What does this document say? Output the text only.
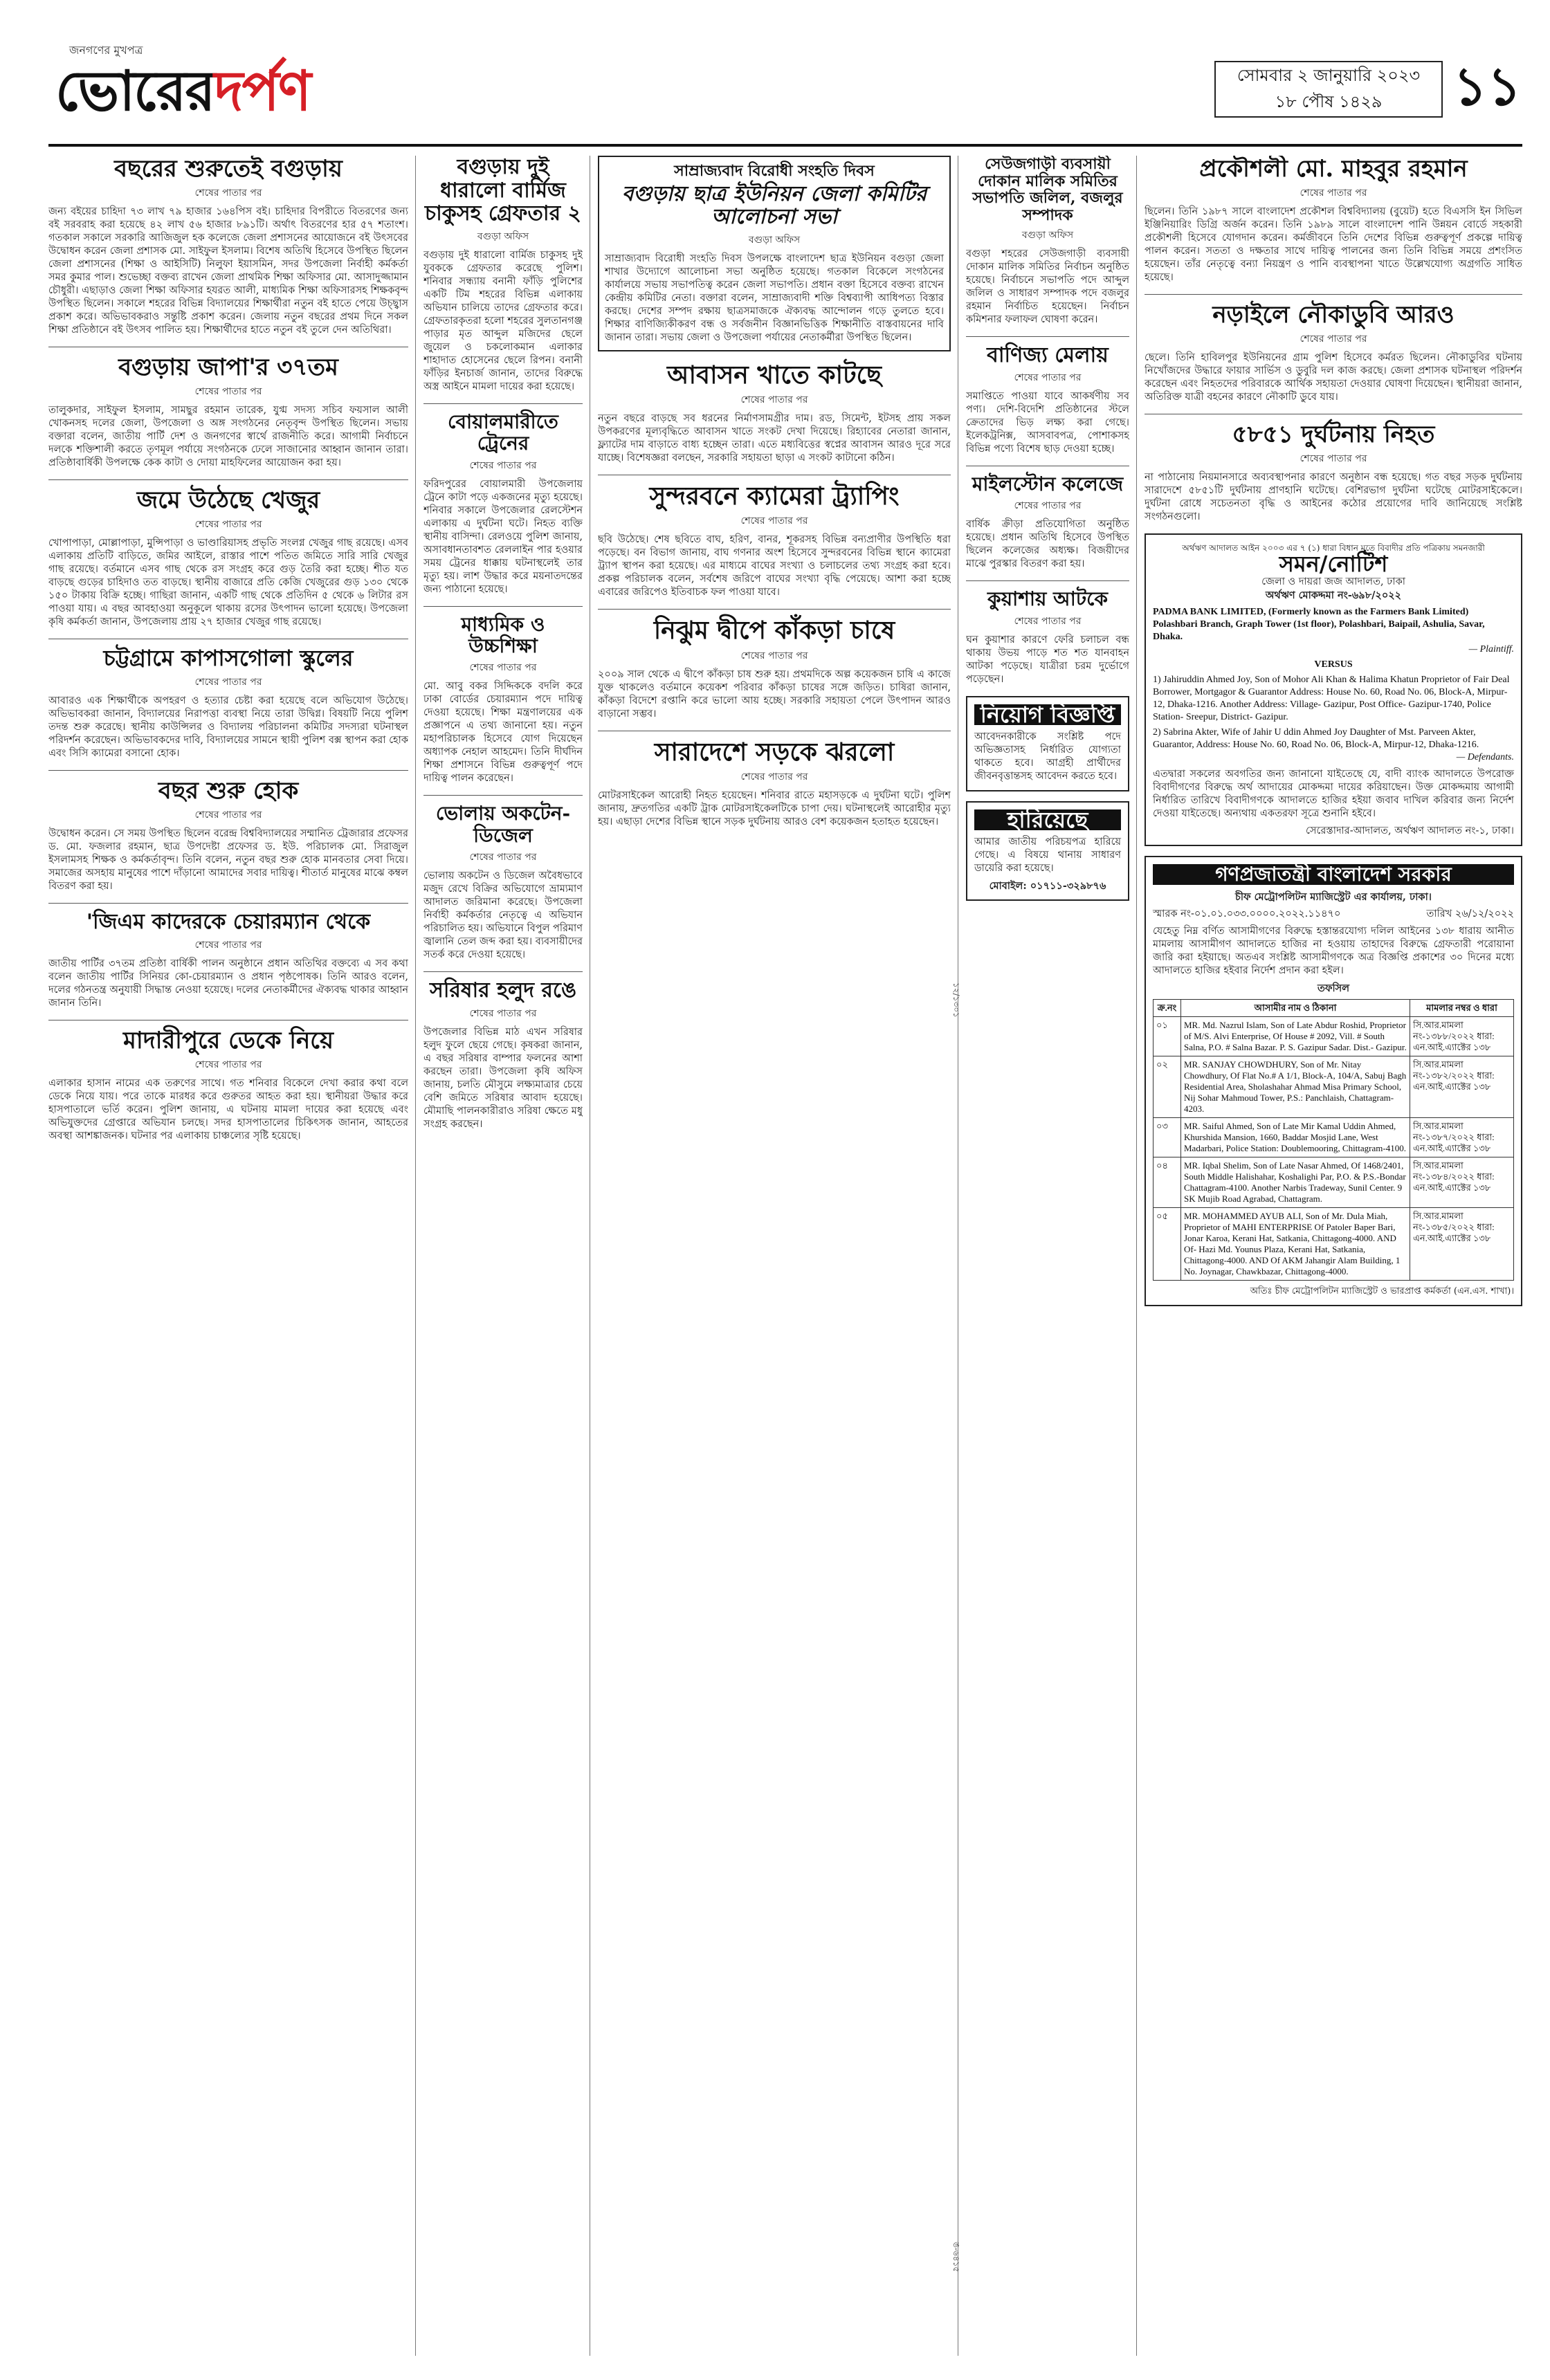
জনগণের মুখপত্র
ভোরেরদর্পণ	সোমবার ২ জানুয়ারি ২০২৩
১৮ পৌষ ১৪২৯	১১
বছরের শুরুতেই বগুড়ায়
শেষের পাতার পর
জন্য বইয়ের চাহিদা ৭৩ লাখ ৭৯ হাজার ১৬৪পিস বই। চাহিদার বিপরীতে বিতরণের জন্য বই সরবরাহ করা হয়েছে ৪২ লাখ ৫৬ হাজার ৮৯১টি। অর্থাৎ বিতরণের হার ৫৭ শতাংশ। গতকাল সকালে সরকারি আজিজুল হক কলেজে জেলা প্রশাসনের আয়োজনে বই উৎসবের উদ্বোধন করেন জেলা প্রশাসক মো. সাইফুল ইসলাম। বিশেষ অতিথি হিসেবে উপস্থিত ছিলেন জেলা প্রশাসনের (শিক্ষা ও আইসিটি) নিলুফা ইয়াসমিন, সদর উপজেলা নির্বাহী কর্মকর্তা সমর কুমার পাল। শুভেচ্ছা বক্তব্য রাখেন জেলা প্রাথমিক শিক্ষা অফিসার মো. আসাদুজ্জামান চৌধুরী। এছাড়াও জেলা শিক্ষা অফিসার হযরত আলী, মাধ্যমিক শিক্ষা অফিসারসহ শিক্ষকবৃন্দ উপস্থিত ছিলেন। সকালে শহরের বিভিন্ন বিদ্যালয়ের শিক্ষার্থীরা নতুন বই হাতে পেয়ে উচ্ছ্বাস প্রকাশ করে। অভিভাবকরাও সন্তুষ্টি প্রকাশ করেন। জেলায় নতুন বছরের প্রথম দিনে সকল শিক্ষা প্রতিষ্ঠানে বই উৎসব পালিত হয়। শিক্ষার্থীদের হাতে নতুন বই তুলে দেন অতিথিরা।
বগুড়ায় জাপা'র ৩৭তম
শেষের পাতার পর
তালুকদার, সাইফুল ইসলাম, সামছুর রহমান তারেক, যুগ্ম সদস্য সচিব ফয়সাল আলী খোকনসহ দলের জেলা, উপজেলা ও অঙ্গ সংগঠনের নেতৃবৃন্দ উপস্থিত ছিলেন। সভায় বক্তারা বলেন, জাতীয় পার্টি দেশ ও জনগণের স্বার্থে রাজনীতি করে। আগামী নির্বাচনে দলকে শক্তিশালী করতে তৃণমূল পর্যায়ে সংগঠনকে ঢেলে সাজানোর আহ্বান জানান তারা। প্রতিষ্ঠাবার্ষিকী উপলক্ষে কেক কাটা ও দোয়া মাহফিলের আয়োজন করা হয়।
জমে উঠেছে খেজুর
শেষের পাতার পর
খোপাপাড়া, মোল্লাপাড়া, মুন্সিপাড়া ও ভাণ্ডারিয়াসহ প্রভৃতি সংলগ্ন খেজুর গাছ রয়েছে। এসব এলাকায় প্রতিটি বাড়িতে, জমির আইলে, রাস্তার পাশে পতিত জমিতে সারি সারি খেজুর গাছ রয়েছে। বর্তমানে এসব গাছ থেকে রস সংগ্রহ করে গুড় তৈরি করা হচ্ছে। শীত যত বাড়ছে গুড়ের চাহিদাও তত বাড়ছে। স্থানীয় বাজারে প্রতি কেজি খেজুরের গুড় ১৩০ থেকে ১৫০ টাকায় বিক্রি হচ্ছে। গাছিরা জানান, একটি গাছ থেকে প্রতিদিন ৫ থেকে ৬ লিটার রস পাওয়া যায়। এ বছর আবহাওয়া অনুকূলে থাকায় রসের উৎপাদন ভালো হয়েছে। উপজেলা কৃষি কর্মকর্তা জানান, উপজেলায় প্রায় ২৭ হাজার খেজুর গাছ রয়েছে।
চট্টগ্রামে কাপাসগোলা স্কুলের
শেষের পাতার পর
আবারও এক শিক্ষার্থীকে অপহরণ ও হত্যার চেষ্টা করা হয়েছে বলে অভিযোগ উঠেছে। অভিভাবকরা জানান, বিদ্যালয়ের নিরাপত্তা ব্যবস্থা নিয়ে তারা উদ্বিগ্ন। বিষয়টি নিয়ে পুলিশ তদন্ত শুরু করেছে। স্থানীয় কাউন্সিলর ও বিদ্যালয় পরিচালনা কমিটির সদস্যরা ঘটনাস্থল পরিদর্শন করেছেন। অভিভাবকদের দাবি, বিদ্যালয়ের সামনে স্থায়ী পুলিশ বক্স স্থাপন করা হোক এবং সিসি ক্যামেরা বসানো হোক।
বছর শুরু হোক
শেষের পাতার পর
উদ্বোধন করেন। সে সময় উপস্থিত ছিলেন বরেন্দ্র বিশ্ববিদ্যালয়ের সম্মানিত ট্রেজারার প্রফেসর ড. মো. ফজলার রহমান, ছাত্র উপদেষ্টা প্রফেসর ড. ইউ. পরিচালক মো. সিরাজুল ইসলামসহ শিক্ষক ও কর্মকর্তাবৃন্দ। তিনি বলেন, নতুন বছর শুরু হোক মানবতার সেবা দিয়ে। সমাজের অসহায় মানুষের পাশে দাঁড়ানো আমাদের সবার দায়িত্ব। শীতার্ত মানুষের মাঝে কম্বল বিতরণ করা হয়।
'জিএম কাদেরকে চেয়ারম্যান থেকে
শেষের পাতার পর
জাতীয় পার্টির ৩৭তম প্রতিষ্ঠা বার্ষিকী পালন অনুষ্ঠানে প্রধান অতিথির বক্তব্যে এ সব কথা বলেন জাতীয় পার্টির সিনিয়র কো-চেয়ারম্যান ও প্রধান পৃষ্ঠপোষক। তিনি আরও বলেন, দলের গঠনতন্ত্র অনুযায়ী সিদ্ধান্ত নেওয়া হয়েছে। দলের নেতাকর্মীদের ঐক্যবদ্ধ থাকার আহ্বান জানান তিনি।
মাদারীপুরে ডেকে নিয়ে
শেষের পাতার পর
এলাকার হাসান নামের এক তরুণের সাথে। গত শনিবার বিকেলে দেখা করার কথা বলে ডেকে নিয়ে যায়। পরে তাকে মারধর করে গুরুতর আহত করা হয়। স্থানীয়রা উদ্ধার করে হাসপাতালে ভর্তি করেন। পুলিশ জানায়, এ ঘটনায় মামলা দায়ের করা হয়েছে এবং অভিযুক্তদের গ্রেপ্তারে অভিযান চলছে। সদর হাসপাতালের চিকিৎসক জানান, আহতের অবস্থা আশঙ্কাজনক। ঘটনার পর এলাকায় চাঞ্চল্যের সৃষ্টি হয়েছে।
বগুড়ায় দুই ধারালো বার্মিজ চাকুসহ গ্রেফতার ২
বগুড়া অফিস
বগুড়ায় দুই ধারালো বার্মিজ চাকুসহ দুই যুবককে গ্রেফতার করেছে পুলিশ। শনিবার সন্ধ্যায় বনানী ফাঁড়ি পুলিশের একটি টিম শহরের বিভিন্ন এলাকায় অভিযান চালিয়ে তাদের গ্রেফতার করে। গ্রেফতারকৃতরা হলো শহরের সুলতানগঞ্জ পাড়ার মৃত আব্দুল মজিদের ছেলে জুয়েল ও চকলোকমান এলাকার শাহাদাত হোসেনের ছেলে রিপন। বনানী ফাঁড়ির ইনচার্জ জানান, তাদের বিরুদ্ধে অস্ত্র আইনে মামলা দায়ের করা হয়েছে।
বোয়ালমারীতে ট্রেনের
শেষের পাতার পর
ফরিদপুরের বোয়ালমারী উপজেলায় ট্রেনে কাটা পড়ে একজনের মৃত্যু হয়েছে। শনিবার সকালে উপজেলার রেলস্টেশন এলাকায় এ দুর্ঘটনা ঘটে। নিহত ব্যক্তি স্থানীয় বাসিন্দা। রেলওয়ে পুলিশ জানায়, অসাবধানতাবশত রেললাইন পার হওয়ার সময় ট্রেনের ধাক্কায় ঘটনাস্থলেই তার মৃত্যু হয়। লাশ উদ্ধার করে ময়নাতদন্তের জন্য পাঠানো হয়েছে।
মাধ্যমিক ও উচ্চশিক্ষা
শেষের পাতার পর
মো. আবু বকর সিদ্দিককে বদলি করে ঢাকা বোর্ডের চেয়ারম্যান পদে দায়িত্ব দেওয়া হয়েছে। শিক্ষা মন্ত্রণালয়ের এক প্রজ্ঞাপনে এ তথ্য জানানো হয়। নতুন মহাপরিচালক হিসেবে যোগ দিয়েছেন অধ্যাপক নেহাল আহমেদ। তিনি দীর্ঘদিন শিক্ষা প্রশাসনে বিভিন্ন গুরুত্বপূর্ণ পদে দায়িত্ব পালন করেছেন।
ভোলায় অকটেন-ডিজেল
শেষের পাতার পর
ভোলায় অকটেন ও ডিজেল অবৈধভাবে মজুদ রেখে বিক্রির অভিযোগে ভ্রাম্যমাণ আদালত জরিমানা করেছে। উপজেলা নির্বাহী কর্মকর্তার নেতৃত্বে এ অভিযান পরিচালিত হয়। অভিযানে বিপুল পরিমাণ জ্বালানি তেল জব্দ করা হয়। ব্যবসায়ীদের সতর্ক করে দেওয়া হয়েছে।
সরিষার হলুদ রঙে
শেষের পাতার পর
উপজেলার বিভিন্ন মাঠ এখন সরিষার হলুদ ফুলে ছেয়ে গেছে। কৃষকরা জানান, এ বছর সরিষার বাম্পার ফলনের আশা করছেন তারা। উপজেলা কৃষি অফিস জানায়, চলতি মৌসুমে লক্ষ্যমাত্রার চেয়ে বেশি জমিতে সরিষার আবাদ হয়েছে। মৌমাছি পালনকারীরাও সরিষা ক্ষেতে মধু সংগ্রহ করছেন।
সাম্রাজ্যবাদ বিরোধী সংহতি দিবস
বগুড়ায় ছাত্র ইউনিয়ন জেলা কমিটির আলোচনা সভা
বগুড়া অফিস
সাম্রাজ্যবাদ বিরোধী সংহতি দিবস উপলক্ষে বাংলাদেশ ছাত্র ইউনিয়ন বগুড়া জেলা শাখার উদ্যোগে আলোচনা সভা অনুষ্ঠিত হয়েছে। গতকাল বিকেলে সংগঠনের কার্যালয়ে সভায় সভাপতিত্ব করেন জেলা সভাপতি। প্রধান বক্তা হিসেবে বক্তব্য রাখেন কেন্দ্রীয় কমিটির নেতা। বক্তারা বলেন, সাম্রাজ্যবাদী শক্তি বিশ্বব্যাপী আধিপত্য বিস্তার করছে। দেশের সম্পদ রক্ষায় ছাত্রসমাজকে ঐক্যবদ্ধ আন্দোলন গড়ে তুলতে হবে। শিক্ষার বাণিজ্যিকীকরণ বন্ধ ও সর্বজনীন বিজ্ঞানভিত্তিক শিক্ষানীতি বাস্তবায়নের দাবি জানান তারা। সভায় জেলা ও উপজেলা পর্যায়ের নেতাকর্মীরা উপস্থিত ছিলেন।
আবাসন খাতে কাটছে
শেষের পাতার পর
নতুন বছরে বাড়ছে সব ধরনের নির্মাণসামগ্রীর দাম। রড, সিমেন্ট, ইটসহ প্রায় সকল উপকরণের মূল্যবৃদ্ধিতে আবাসন খাতে সংকট দেখা দিয়েছে। রিহ্যাবের নেতারা জানান, ফ্ল্যাটের দাম বাড়াতে বাধ্য হচ্ছেন তারা। এতে মধ্যবিত্তের স্বপ্নের আবাসন আরও দূরে সরে যাচ্ছে। বিশেষজ্ঞরা বলছেন, সরকারি সহায়তা ছাড়া এ সংকট কাটানো কঠিন।
সুন্দরবনে ক্যামেরা ট্র্যাপিং
শেষের পাতার পর
ছবি উঠেছে। শেষ ছবিতে বাঘ, হরিণ, বানর, শূকরসহ বিভিন্ন বন্যপ্রাণীর উপস্থিতি ধরা পড়েছে। বন বিভাগ জানায়, বাঘ গণনার অংশ হিসেবে সুন্দরবনের বিভিন্ন স্থানে ক্যামেরা ট্র্যাপ স্থাপন করা হয়েছে। এর মাধ্যমে বাঘের সংখ্যা ও চলাচলের তথ্য সংগ্রহ করা হবে। প্রকল্প পরিচালক বলেন, সর্বশেষ জরিপে বাঘের সংখ্যা বৃদ্ধি পেয়েছে। আশা করা হচ্ছে এবারের জরিপেও ইতিবাচক ফল পাওয়া যাবে।
নিঝুম দ্বীপে কাঁকড়া চাষে
শেষের পাতার পর
২০০৯ সাল থেকে এ দ্বীপে কাঁকড়া চাষ শুরু হয়। প্রথমদিকে অল্প কয়েকজন চাষি এ কাজে যুক্ত থাকলেও বর্তমানে কয়েকশ পরিবার কাঁকড়া চাষের সঙ্গে জড়িত। চাষিরা জানান, কাঁকড়া বিদেশে রপ্তানি করে ভালো আয় হচ্ছে। সরকারি সহায়তা পেলে উৎপাদন আরও বাড়ানো সম্ভব।
সারাদেশে সড়কে ঝরলো
শেষের পাতার পর
মোটরসাইকেল আরোহী নিহত হয়েছেন। শনিবার রাতে মহাসড়কে এ দুর্ঘটনা ঘটে। পুলিশ জানায়, দ্রুতগতির একটি ট্রাক মোটরসাইকেলটিকে চাপা দেয়। ঘটনাস্থলেই আরোহীর মৃত্যু হয়। এছাড়া দেশের বিভিন্ন স্থানে সড়ক দুর্ঘটনায় আরও বেশ কয়েকজন হতাহত হয়েছেন।
সেউজগাড়ী ব্যবসায়ী দোকান মালিক সমিতির সভাপতি জলিল, বজলুর সম্পাদক
বগুড়া অফিস
বগুড়া শহরের সেউজগাড়ী ব্যবসায়ী দোকান মালিক সমিতির নির্বাচন অনুষ্ঠিত হয়েছে। নির্বাচনে সভাপতি পদে আব্দুল জলিল ও সাধারণ সম্পাদক পদে বজলুর রহমান নির্বাচিত হয়েছেন। নির্বাচন কমিশনার ফলাফল ঘোষণা করেন।
বাণিজ্য মেলায়
শেষের পাতার পর
সমাপ্তিতে পাওয়া যাবে আকর্ষণীয় সব পণ্য। দেশি-বিদেশি প্রতিষ্ঠানের স্টলে ক্রেতাদের ভিড় লক্ষ্য করা গেছে। ইলেকট্রনিক্স, আসবাবপত্র, পোশাকসহ বিভিন্ন পণ্যে বিশেষ ছাড় দেওয়া হচ্ছে।
মাইলস্টোন কলেজে
শেষের পাতার পর
বার্ষিক ক্রীড়া প্রতিযোগিতা অনুষ্ঠিত হয়েছে। প্রধান অতিথি হিসেবে উপস্থিত ছিলেন কলেজের অধ্যক্ষ। বিজয়ীদের মাঝে পুরস্কার বিতরণ করা হয়।
কুয়াশায় আটকে
শেষের পাতার পর
ঘন কুয়াশার কারণে ফেরি চলাচল বন্ধ থাকায় উভয় পাড়ে শত শত যানবাহন আটকা পড়েছে। যাত্রীরা চরম দুর্ভোগে পড়েছেন।
নিয়োগ বিজ্ঞপ্তি
আবেদনকারীকে সংশ্লিষ্ট পদে অভিজ্ঞতাসহ নির্ধারিত যোগ্যতা থাকতে হবে। আগ্রহী প্রার্থীদের জীবনবৃত্তান্তসহ আবেদন করতে হবে।
হারিয়েছে
আমার জাতীয় পরিচয়পত্র হারিয়ে গেছে। এ বিষয়ে থানায় সাধারণ ডায়েরি করা হয়েছে।
মোবাইল: ০১৭১১-৩২৯৮৭৬
প্রকৌশলী মো. মাহবুর রহমান
শেষের পাতার পর
ছিলেন। তিনি ১৯৮৭ সালে বাংলাদেশ প্রকৌশল বিশ্ববিদ্যালয় (বুয়েট) হতে বিএসসি ইন সিভিল ইঞ্জিনিয়ারিং ডিগ্রি অর্জন করেন। তিনি ১৯৮৯ সালে বাংলাদেশ পানি উন্নয়ন বোর্ডে সহকারী প্রকৌশলী হিসেবে যোগদান করেন। কর্মজীবনে তিনি দেশের বিভিন্ন গুরুত্বপূর্ণ প্রকল্পে দায়িত্ব পালন করেন। সততা ও দক্ষতার সাথে দায়িত্ব পালনের জন্য তিনি বিভিন্ন সময়ে প্রশংসিত হয়েছেন। তাঁর নেতৃত্বে বন্যা নিয়ন্ত্রণ ও পানি ব্যবস্থাপনা খাতে উল্লেখযোগ্য অগ্রগতি সাধিত হয়েছে।
নড়াইলে নৌকাডুবি আরও
শেষের পাতার পর
ছেলে। তিনি হাবিলপুর ইউনিয়নের গ্রাম পুলিশ হিসেবে কর্মরত ছিলেন। নৌকাডুবির ঘটনায় নিখোঁজদের উদ্ধারে ফায়ার সার্ভিস ও ডুবুরি দল কাজ করছে। জেলা প্রশাসক ঘটনাস্থল পরিদর্শন করেছেন এবং নিহতদের পরিবারকে আর্থিক সহায়তা দেওয়ার ঘোষণা দিয়েছেন। স্থানীয়রা জানান, অতিরিক্ত যাত্রী বহনের কারণে নৌকাটি ডুবে যায়।
৫৮৫১ দুর্ঘটনায় নিহত
শেষের পাতার পর
না পাঠানোয় নিয়মানসারে অব্যবস্থাপনার কারণে অনুষ্ঠান বন্ধ হয়েছে। গত বছর সড়ক দুর্ঘটনায় সারাদেশে ৫৮৫১টি দুর্ঘটনায় প্রাণহানি ঘটেছে। বেশিরভাগ দুর্ঘটনা ঘটেছে মোটরসাইকেলে। দুর্ঘটনা রোধে সচেতনতা বৃদ্ধি ও আইনের কঠোর প্রয়োগের দাবি জানিয়েছে সংশ্লিষ্ট সংগঠনগুলো।
অর্থঋণ আদালত আইন ২০০৩ এর ৭ (১) ধারা বিধান মতে বিবাদীর প্রতি পত্রিকায় সমনজারী
সমন/নোটিশ
জেলা ও দায়রা জজ আদালত, ঢাকা
অর্থঋণ মোকদ্দমা নং-৬৯৮/২০২২
PADMA BANK LIMITED, (Formerly known as the Farmers Bank Limited) Polashbari Branch, Graph Tower (1st floor), Polashbari, Baipail, Ashulia, Savar, Dhaka.
— Plaintiff.
VERSUS
1) Jahiruddin Ahmed Joy, Son of Mohor Ali Khan & Halima Khatun Proprietor of Fair Deal Borrower, Mortgagor & Guarantor Address: House No. 60, Road No. 06, Block-A, Mirpur-12, Dhaka-1216. Another Address: Village- Gazipur, Post Office- Gazipur-1740, Police Station- Sreepur, District- Gazipur.
2) Sabrina Akter, Wife of Jahir U ddin Ahmed Joy Daughter of Mst. Parveen Akter, Guarantor, Address: House No. 60, Road No. 06, Block-A, Mirpur-12, Dhaka-1216.
— Defendants.
এতদ্বারা সকলের অবগতির জন্য জানানো যাইতেছে যে, বাদী ব্যাংক আদালতে উপরোক্ত বিবাদীগণের বিরুদ্ধে অর্থ আদায়ের মোকদ্দমা দায়ের করিয়াছেন। উক্ত মোকদ্দমায় আগামী নির্ধারিত তারিখে বিবাদীগণকে আদালতে হাজির হইয়া জবাব দাখিল করিবার জন্য নির্দেশ দেওয়া যাইতেছে। অন্যথায় একতরফা সূত্রে শুনানি হইবে।
সেরেস্তাদার-আদালত, অর্থঋণ আদালত নং-১, ঢাকা।
গণপ্রজাতন্ত্রী বাংলাদেশ সরকার
চীফ মেট্রোপলিটন ম্যাজিস্ট্রেট এর কার্যালয়, ঢাকা।
স্মারক নং-০১.০১.০৩৩.০০০০.২০২২.১১৪৭০	তারিখ ২৬/১২/২০২২
যেহেতু নিম্ন বর্ণিত আসামীগণের বিরুদ্ধে হস্তান্তরযোগ্য দলিল আইনের ১৩৮ ধারায় আনীত মামলায় আসামীগণ আদালতে হাজির না হওয়ায় তাহাদের বিরুদ্ধে গ্রেফতারী পরোয়ানা জারি করা হইয়াছে। অতএব সংশ্লিষ্ট আসামীগণকে অত্র বিজ্ঞপ্তি প্রকাশের ৩০ দিনের মধ্যে আদালতে হাজির হইবার নির্দেশ প্রদান করা হইল।
তফসিল
ক্র.নং	আসামীর নাম ও ঠিকানা	মামলার নম্বর ও ধারা
০১	MR. Md. Nazrul Islam, Son of Late Abdur Roshid, Proprietor of M/S. Alvi Enterprise, Of House # 2092, Vill. # South Salna, P.O. # Salna Bazar. P. S. Gazipur Sadar. Dist.- Gazipur.	সি.আর.মামলা নং-১৩৮৮/২০২২ ধারা: এন.আই.এ্যাক্টের ১৩৮
০২	MR. SANJAY CHOWDHURY, Son of Mr. Nitay Chowdhury, Of Flat No.# A 1/1, Block-A, 104/A, Sabuj Bagh Residential Area, Sholashahar Ahmad Misa Primary School, Nij Sohar Mahmoud Tower, P.S.: Panchlaish, Chattagram-4203.	সি.আর.মামলা নং-১৩৮২/২০২২ ধারা: এন.আই.এ্যাক্টের ১৩৮
০৩	MR. Saiful Ahmed, Son of Late Mir Kamal Uddin Ahmed, Khurshida Mansion, 1660, Baddar Mosjid Lane, West Madarbari, Police Station: Doublemooring, Chittagram-4100.	সি.আর.মামলা নং-১৩৮৭/২০২২ ধারা: এন.আই.এ্যাক্টের ১৩৮
০৪	MR. Iqbal Shelim, Son of Late Nasar Ahmed, Of 1468/2401, South Middle Halishahar, Koshalighi Par, P.O. & P.S.-Bondar Chattagram-4100. Another Narbis Tradeway, Sunil Center. 9 SK Mujib Road Agrabad, Chattagram.	সি.আর.মামলা নং-১৩৮৪/২০২২ ধারা: এন.আই.এ্যাক্টের ১৩৮
০৫	MR. MOHAMMED AYUB ALI, Son of Mr. Dula Miah, Proprietor of MAHI ENTERPRISE Of Patoler Baper Bari, Jonar Karoa, Kerani Hat, Satkania, Chittagong-4000. AND Of- Hazi Md. Younus Plaza, Kerani Hat, Satkania, Chittagong-4000. AND Of AKM Jahangir Alam Building, 1 No. Joynagar, Chawkbazar, Chittagong-4000.	সি.আর.মামলা নং-১৩৮৫/২০২২ ধারা: এন.আই.এ্যাক্টের ১৩৮
অতিঃ চীফ মেট্রোপলিটন ম্যাজিস্ট্রেট ও ভারপ্রাপ্ত কর্মকর্তা (এন.এস. শাখা)।
১২/১৩০১
ঙ-৬৪১৫
